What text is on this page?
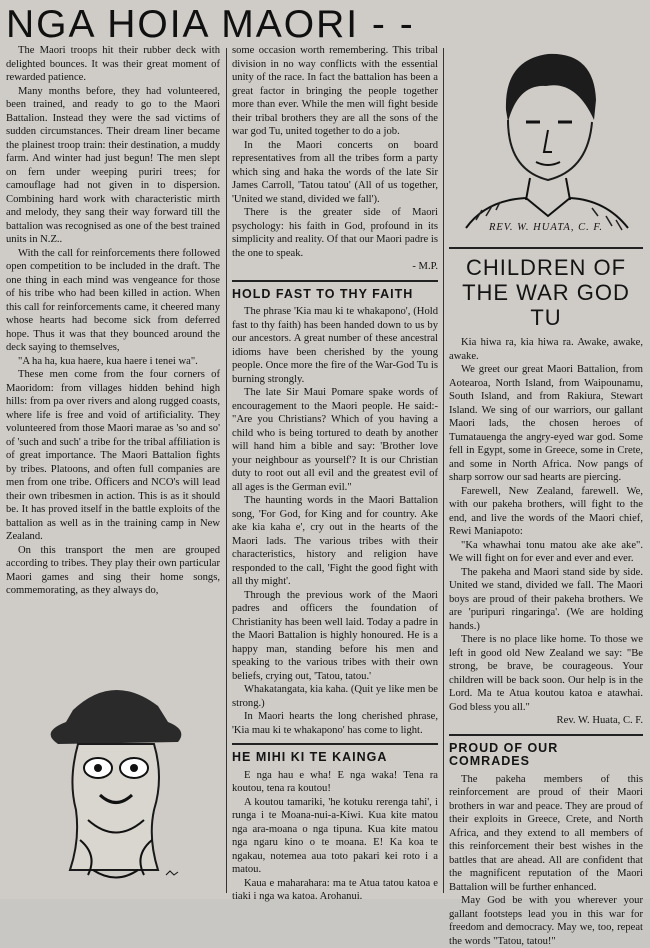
NGA HOIA MAORI - -

The Maori troops hit their rubber deck with delighted bounces. It was their great moment of rewarded patience.

Many months before, they had volunteered, been trained, and ready to go to the Maori Battalion. Instead they were the sad victims of sudden circumstances. Their dream liner became the plainest troop train: their destination, a muddy farm. And winter had just begun! The men slept on fern under weeping puriri trees; for camouflage had not given in to dispersion. Combining hard work with characteristic mirth and melody, they sang their way forward till the battalion was recognised as one of the best trained units in N.Z..

With the call for reinforcements there followed open competition to be included in the draft. The one thing in each mind was vengeance for those of his tribe who had been killed in action. When this call for reinforcements came, it cheered many whose hearts had become sick from deferred hope. Thus it was that they bounced around the deck saying to themselves,

"A ha ha, kua haere, kua haere i tenei wa".

These men come from the four corners of Maoridom: from villages hidden behind high hills: from pa over rivers and along rugged coasts, where life is free and void of artificiality. They volunteered from those Maori marae as 'so and so' of 'such and such' a tribe for the tribal affiliation is of great importance. The Maori Battalion fights by tribes. Platoons, and often full companies are men from one tribe. Officers and NCO's will lead their own tribesmen in action. This is as it should be. It has proved itself in the battle exploits of the battalion as well as in the training camp in New Zealand.

On this transport the men are grouped according to tribes. They play their own particular Maori games and sing their home songs, commemorating, as they always do,

some occasion worth remembering. This tribal division in no way conflicts with the essential unity of the race. In fact the battalion has been a great factor in bringing the people together more than ever. While the men will fight beside their tribal brothers they are all the sons of the war god Tu, united together to do a job.

In the Maori concerts on board representatives from all the tribes form a party which sing and haka the words of the late Sir James Carroll, 'Tatou tatou' (All of us together, 'United we stand, divided we fall').

There is the greater side of Maori psychology: his faith in God, profound in its simplicity and reality. Of that our Maori padre is the one to speak.

- M.P.

HOLD FAST TO THY FAITH

The phrase 'Kia mau ki te whakapono', (Hold fast to thy faith) has been handed down to us by our ancestors. A great number of these ancestral idioms have been cherished by the young people. Once more the fire of the War-God Tu is burning strongly.

The late Sir Maui Pomare spake words of encouragement to the Maori people. He said:- "Are you Christians? Which of you having a child who is being tortured to death by another will hand him a bible and say: 'Brother love your neighbour as yourself'? It is our Christian duty to root out all evil and the greatest evil of all ages is the German evil."

The haunting words in the Maori Battalion song, 'For God, for King and for country. Ake ake kia kaha e', cry out in the hearts of the Maori lads. The various tribes with their characteristics, history and religion have responded to the call, 'Fight the good fight with all thy might'.

Through the previous work of the Maori padres and officers the foundation of Christianity has been well laid. Today a padre in the Maori Battalion is highly honoured. He is a happy man, standing before his men and speaking to the various tribes with their own beliefs, crying out, 'Tatou, tatou.'

Whakatangata, kia kaha. (Quit ye like men be strong.)

In Maori hearts the long cherished phrase, 'Kia mau ki te whakapono' has come to light.

HE MIHI KI TE KAINGA

E nga hau e wha! E nga waka! Tena ra koutou, tena ra koutou!

A koutou tamariki, 'he kotuku rerenga tahi', i runga i te Moana-nui-a-Kiwi. Kua kite matou nga ara-moana o nga tipuna. Kua kite matou nga ngaru kino o te moana. E! Ka koa te ngakau, notemea aua toto pakari kei roto i a matou.

Kaua e maharahara: ma te Atua tatou katoa e tiaki i nga wa katoa. Arohanui.

REV. W. HUATA, C. F.
CHILDREN OF THE WAR GOD TU

Kia hiwa ra, kia hiwa ra. Awake, awake, awake.

We greet our great Maori Battalion, from Aotearoa, North Island, from Waipounamu, South Island, and from Rakiura, Stewart Island. We sing of our warriors, our gallant Maori lads, the chosen heroes of Tumatauenga the angry-eyed war god. Some fell in Egypt, some in Greece, some in Crete, and some in North Africa. Now pangs of sharp sorrow our sad hearts are piercing.

Farewell, New Zealand, farewell. We, with our pakeha brothers, will fight to the end, and live the words of the Maori chief, Rewi Maniapoto:

"Ka whawhai tonu matou ake ake ake". We will fight on for ever and ever and ever.

The pakeha and Maori stand side by side. United we stand, divided we fall. The Maori boys are proud of their pakeha brothers. We are 'puripuri ringaringa'. (We are holding hands.)

There is no place like home. To those we left in good old New Zealand we say: "Be strong, be brave, be courageous. Your children will be back soon. Our help is in the Lord. Ma te Atua koutou katoa e atawhai. God bless you all."

Rev. W. Huata, C. F.

PROUD OF OUR COMRADES

The pakeha members of this reinforcement are proud of their Maori brothers in war and peace. They are proud of their exploits in Greece, Crete, and North Africa, and they extend to all members of this reinforcement their best wishes in the battles that are ahead. All are confident that the magnificent reputation of the Maori Battalion will be further enhanced.

May God be with you wherever your gallant footsteps lead you in this war for freedom and democracy. May we, too, repeat the words "Tatou, tatou!"
